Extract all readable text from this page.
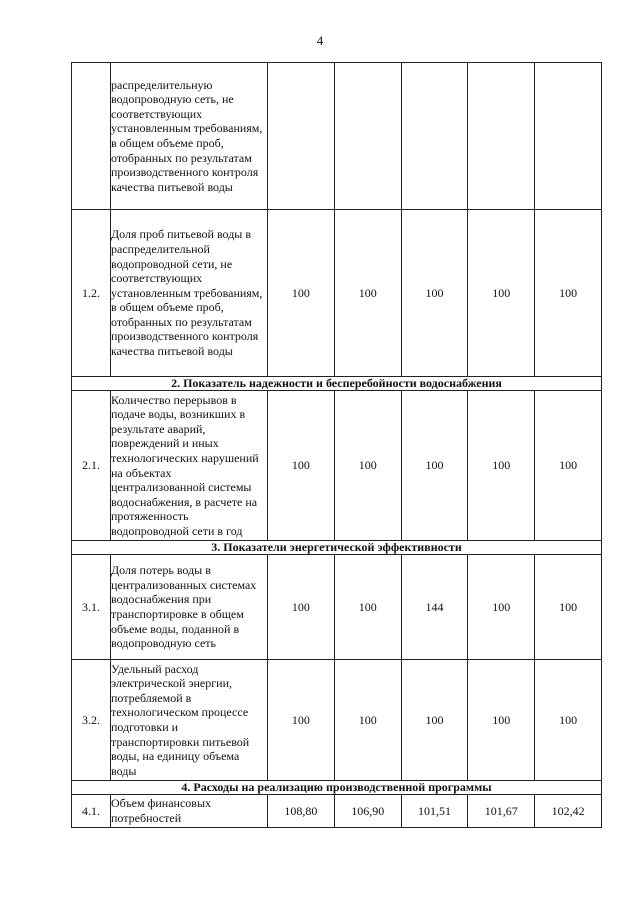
4
	распределительную водопроводную сеть, не соответствующих установленным требованиям, в общем объеме проб, отобранных по результатам производственного контроля качества питьевой воды					
1.2.	Доля проб питьевой воды в распределительной водопроводной сети, не соответствующих установленным требованиям, в общем объеме проб, отобранных по результатам производственного контроля качества питьевой воды	100	100	100	100	100
2. Показатель надежности и бесперебойности водоснабжения						
2.1.	Количество перерывов в подаче воды, возникших в результате аварий, повреждений и иных технологических нарушений на объектах централизованной системы водоснабжения, в расчете на протяженность водопроводной сети в год	100	100	100	100	100
3. Показатели энергетической эффективности						
3.1.	Доля потерь воды в централизованных системах водоснабжения при транспортировке в общем объеме воды, поданной в водопроводную сеть	100	100	144	100	100
3.2.	Удельный расход электрической энергии, потребляемой в технологическом процессе подготовки и транспортировки питьевой воды, на единицу объема воды	100	100	100	100	100
4. Расходы на реализацию производственной программы						
4.1.	Объем финансовых потребностей	108,80	106,90	101,51	101,67	102,42
